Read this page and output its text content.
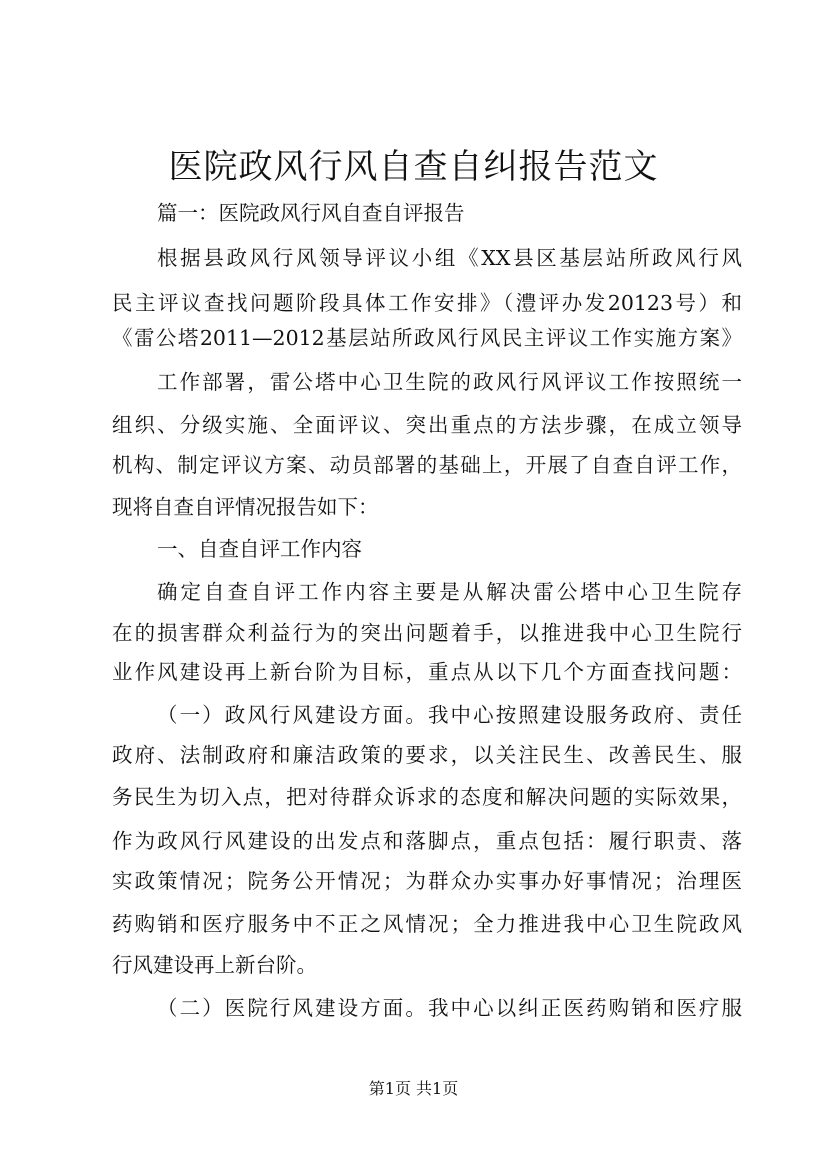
医院政风行风自查自纠报告范文
篇一：医院政风行风自查自评报告
根据县政风行风领导评议小组《XX县区基层站所政风行风
民主评议查找问题阶段具体工作安排》（澧评办发20123号）和
《雷公塔2011—2012基层站所政风行风民主评议工作实施方案》
工作部署，雷公塔中心卫生院的政风行风评议工作按照统一
组织、分级实施、全面评议、突出重点的方法步骤，在成立领导
机构、制定评议方案、动员部署的基础上，开展了自查自评工作，
现将自查自评情况报告如下：
一、自查自评工作内容
确定自查自评工作内容主要是从解决雷公塔中心卫生院存
在的损害群众利益行为的突出问题着手，以推进我中心卫生院行
业作风建设再上新台阶为目标，重点从以下几个方面查找问题：
（一）政风行风建设方面。我中心按照建设服务政府、责任
政府、法制政府和廉洁政策的要求，以关注民生、改善民生、服
务民生为切入点，把对待群众诉求的态度和解决问题的实际效果，
作为政风行风建设的出发点和落脚点，重点包括：履行职责、落
实政策情况；院务公开情况；为群众办实事办好事情况；治理医
药购销和医疗服务中不正之风情况；全力推进我中心卫生院政风
行风建设再上新台阶。
（二）医院行风建设方面。我中心以纠正医药购销和医疗服
第1页 共1页
